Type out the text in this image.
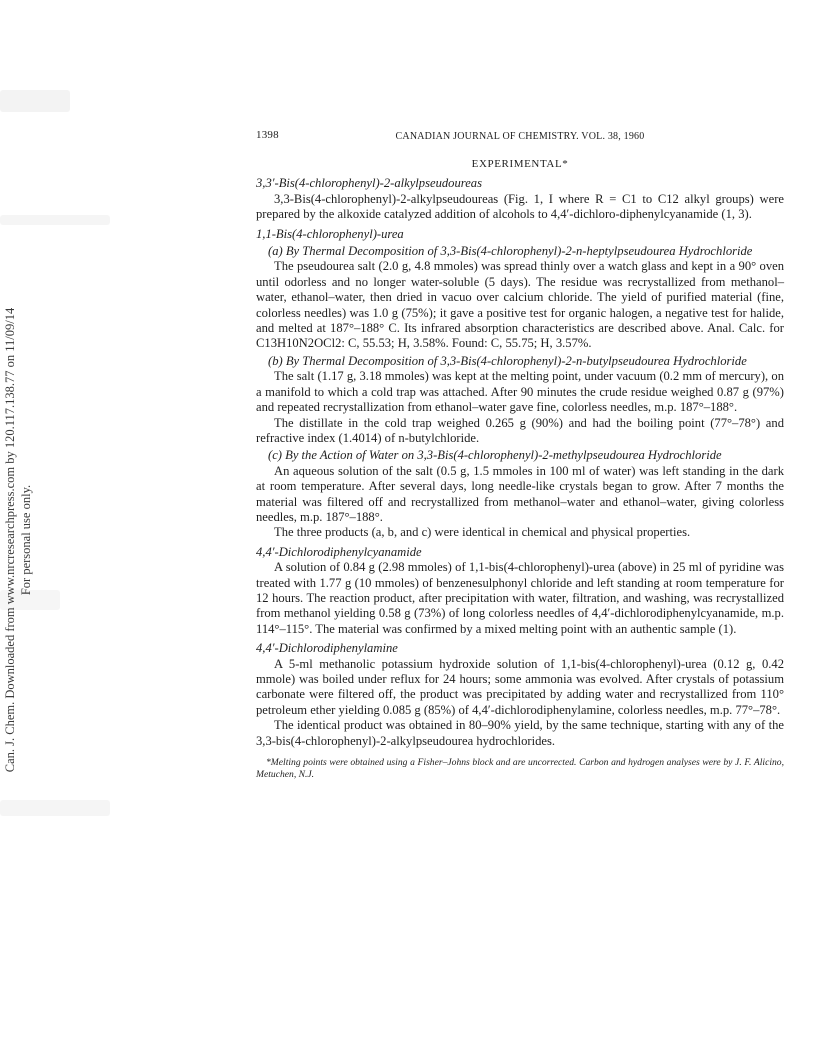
Can. J. Chem. Downloaded from www.nrcresearchpress.com by 120.117.138.77 on 11/09/14
For personal use only.
1398	CANADIAN JOURNAL OF CHEMISTRY. VOL. 38, 1960
EXPERIMENTAL*
3,3′-Bis(4-chlorophenyl)-2-alkylpseudoureas

3,3-Bis(4-chlorophenyl)-2-alkylpseudoureas (Fig. 1, I where R = C1 to C12 alkyl groups) were prepared by the alkoxide catalyzed addition of alcohols to 4,4′-dichloro-diphenylcyanamide (1, 3).

1,1-Bis(4-chlorophenyl)-urea
(a) By Thermal Decomposition of 3,3-Bis(4-chlorophenyl)-2-n-heptylpseudourea Hydrochloride

The pseudourea salt (2.0 g, 4.8 mmoles) was spread thinly over a watch glass and kept in a 90° oven until odorless and no longer water-soluble (5 days). The residue was recrystallized from methanol–water, ethanol–water, then dried in vacuo over calcium chloride. The yield of purified material (fine, colorless needles) was 1.0 g (75%); it gave a positive test for organic halogen, a negative test for halide, and melted at 187°–188° C. Its infrared absorption characteristics are described above. Anal. Calc. for C13H10N2OCl2: C, 55.53; H, 3.58%. Found: C, 55.75; H, 3.57%.

(b) By Thermal Decomposition of 3,3-Bis(4-chlorophenyl)-2-n-butylpseudourea Hydrochloride

The salt (1.17 g, 3.18 mmoles) was kept at the melting point, under vacuum (0.2 mm of mercury), on a manifold to which a cold trap was attached. After 90 minutes the crude residue weighed 0.87 g (97%) and repeated recrystallization from ethanol–water gave fine, colorless needles, m.p. 187°–188°.

The distillate in the cold trap weighed 0.265 g (90%) and had the boiling point (77°–78°) and refractive index (1.4014) of n-butylchloride.

(c) By the Action of Water on 3,3-Bis(4-chlorophenyl)-2-methylpseudourea Hydrochloride

An aqueous solution of the salt (0.5 g, 1.5 mmoles in 100 ml of water) was left standing in the dark at room temperature. After several days, long needle-like crystals began to grow. After 7 months the material was filtered off and recrystallized from methanol–water and ethanol–water, giving colorless needles, m.p. 187°–188°.

The three products (a, b, and c) were identical in chemical and physical properties.

4,4′-Dichlorodiphenylcyanamide

A solution of 0.84 g (2.98 mmoles) of 1,1-bis(4-chlorophenyl)-urea (above) in 25 ml of pyridine was treated with 1.77 g (10 mmoles) of benzenesulphonyl chloride and left standing at room temperature for 12 hours. The reaction product, after precipitation with water, filtration, and washing, was recrystallized from methanol yielding 0.58 g (73%) of long colorless needles of 4,4′-dichlorodiphenylcyanamide, m.p. 114°–115°. The material was confirmed by a mixed melting point with an authentic sample (1).

4,4′-Dichlorodiphenylamine

A 5-ml methanolic potassium hydroxide solution of 1,1-bis(4-chlorophenyl)-urea (0.12 g, 0.42 mmole) was boiled under reflux for 24 hours; some ammonia was evolved. After crystals of potassium carbonate were filtered off, the product was precipitated by adding water and recrystallized from 110° petroleum ether yielding 0.085 g (85%) of 4,4′-dichlorodiphenylamine, colorless needles, m.p. 77°–78°.

The identical product was obtained in 80–90% yield, by the same technique, starting with any of the 3,3-bis(4-chlorophenyl)-2-alkylpseudourea hydrochlorides.

*Melting points were obtained using a Fisher–Johns block and are uncorrected. Carbon and hydrogen analyses were by J. F. Alicino, Metuchen, N.J.
